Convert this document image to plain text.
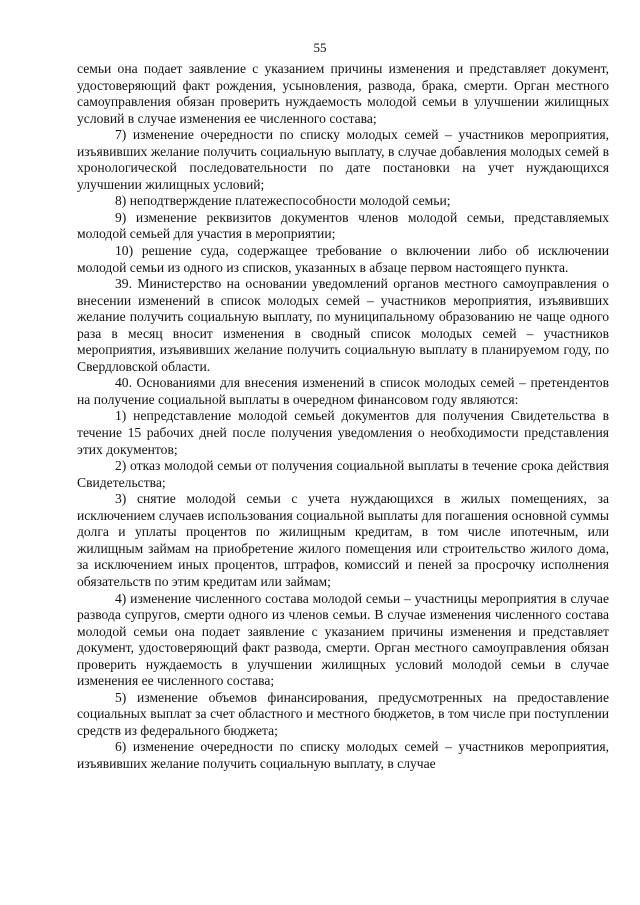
55

семьи она подает заявление с указанием причины изменения и представляет документ, удостоверяющий факт рождения, усыновления, развода, брака, смерти. Орган местного самоуправления обязан проверить нуждаемость молодой семьи в улучшении жилищных условий в случае изменения ее численного состава;

7) изменение очередности по списку молодых семей – участников мероприятия, изъявивших желание получить социальную выплату, в случае добавления молодых семей в хронологической последовательности по дате постановки на учет нуждающихся улучшении жилищных условий;

8) неподтверждение платежеспособности молодой семьи;

9) изменение реквизитов документов членов молодой семьи, представляемых молодой семьей для участия в мероприятии;

10) решение суда, содержащее требование о включении либо об исключении молодой семьи из одного из списков, указанных в абзаце первом настоящего пункта.

39. Министерство на основании уведомлений органов местного самоуправления о внесении изменений в список молодых семей – участников мероприятия, изъявивших желание получить социальную выплату, по муниципальному образованию не чаще одного раза в месяц вносит изменения в сводный список молодых семей – участников мероприятия, изъявивших желание получить социальную выплату в планируемом году, по Свердловской области.

40. Основаниями для внесения изменений в список молодых семей – претендентов на получение социальной выплаты в очередном финансовом году являются:

1) непредставление молодой семьей документов для получения Свидетельства в течение 15 рабочих дней после получения уведомления о необходимости представления этих документов;

2) отказ молодой семьи от получения социальной выплаты в течение срока действия Свидетельства;

3) снятие молодой семьи с учета нуждающихся в жилых помещениях, за исключением случаев использования социальной выплаты для погашения основной суммы долга и уплаты процентов по жилищным кредитам, в том числе ипотечным, или жилищным займам на приобретение жилого помещения или строительство жилого дома, за исключением иных процентов, штрафов, комиссий и пеней за просрочку исполнения обязательств по этим кредитам или займам;

4) изменение численного состава молодой семьи – участницы мероприятия в случае развода супругов, смерти одного из членов семьи. В случае изменения численного состава молодой семьи она подает заявление с указанием причины изменения и представляет документ, удостоверяющий факт развода, смерти. Орган местного самоуправления обязан проверить нуждаемость в улучшении жилищных условий молодой семьи в случае изменения ее численного состава;

5) изменение объемов финансирования, предусмотренных на предоставление социальных выплат за счет областного и местного бюджетов, в том числе при поступлении средств из федерального бюджета;

6) изменение очередности по списку молодых семей – участников мероприятия, изъявивших желание получить социальную выплату, в случае
